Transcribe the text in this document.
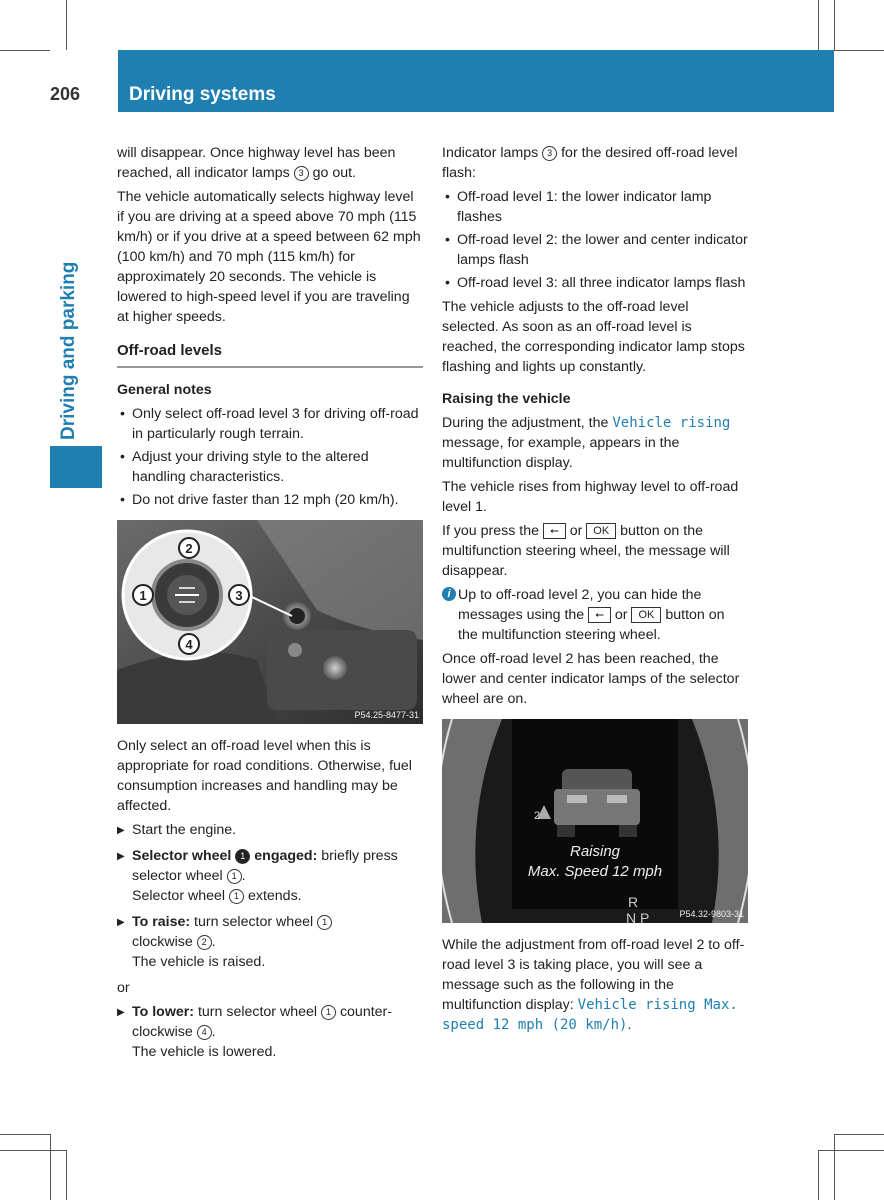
206	Driving systems
Driving and parking

will disappear. Once highway level has been reached, all indicator lamps 3 go out.

The vehicle automatically selects highway level if you are driving at a speed above 70 mph (115 km/h) or if you drive at a speed between 62 mph (100 km/h) and 70 mph (115 km/h) for approximately 20 seconds. The vehicle is lowered to high-speed level if you are traveling at higher speeds.

Off-road levels
General notes
• Only select off-road level 3 for driving off-road in particularly rough terrain.
• Adjust your driving style to the altered handling characteristics.
• Do not drive faster than 12 mph (20 km/h).
2
1	3
4
P54.25-8477-31

Only select an off-road level when this is appropriate for road conditions. Otherwise, fuel consumption increases and handling may be affected.

▶ Start the engine.
▶ Selector wheel 1 engaged: briefly press selector wheel 1 .
Selector wheel 1 extends.
▶ To raise: turn selector wheel 1
clockwise 2 .
The vehicle is raised.

or

▶ To lower: turn selector wheel 1 counter-clockwise 4 .
The vehicle is lowered.

Indicator lamps 3 for the desired off-road level flash:

• Off-road level 1: the lower indicator lamp flashes
• Off-road level 2: the lower and center indicator lamps flash
• Off-road level 3: all three indicator lamps flash

The vehicle adjusts to the off-road level selected. As soon as an off-road level is reached, the corresponding indicator lamp stops flashing and lights up constantly.

Raising the vehicle

During the adjustment, the Vehicle rising message, for example, appears in the multifunction display.

The vehicle rises from highway level to off-road level 1.

If you press the ⭠ or OK button on the multifunction steering wheel, the message will disappear.

i Up to off-road level 2, you can hide the messages using the ⭠ or OK button on the multifunction steering wheel.

Once off-road level 2 has been reached, the lower and center indicator lamps of the selector wheel are on.

2
Raising
Max. Speed 12 mph
R
N P	P54.32-9803-31

While the adjustment from off-road level 2 to off-road level 3 is taking place, you will see a message such as the following in the multifunction display: Vehicle rising Max. speed 12 mph (20 km/h).
